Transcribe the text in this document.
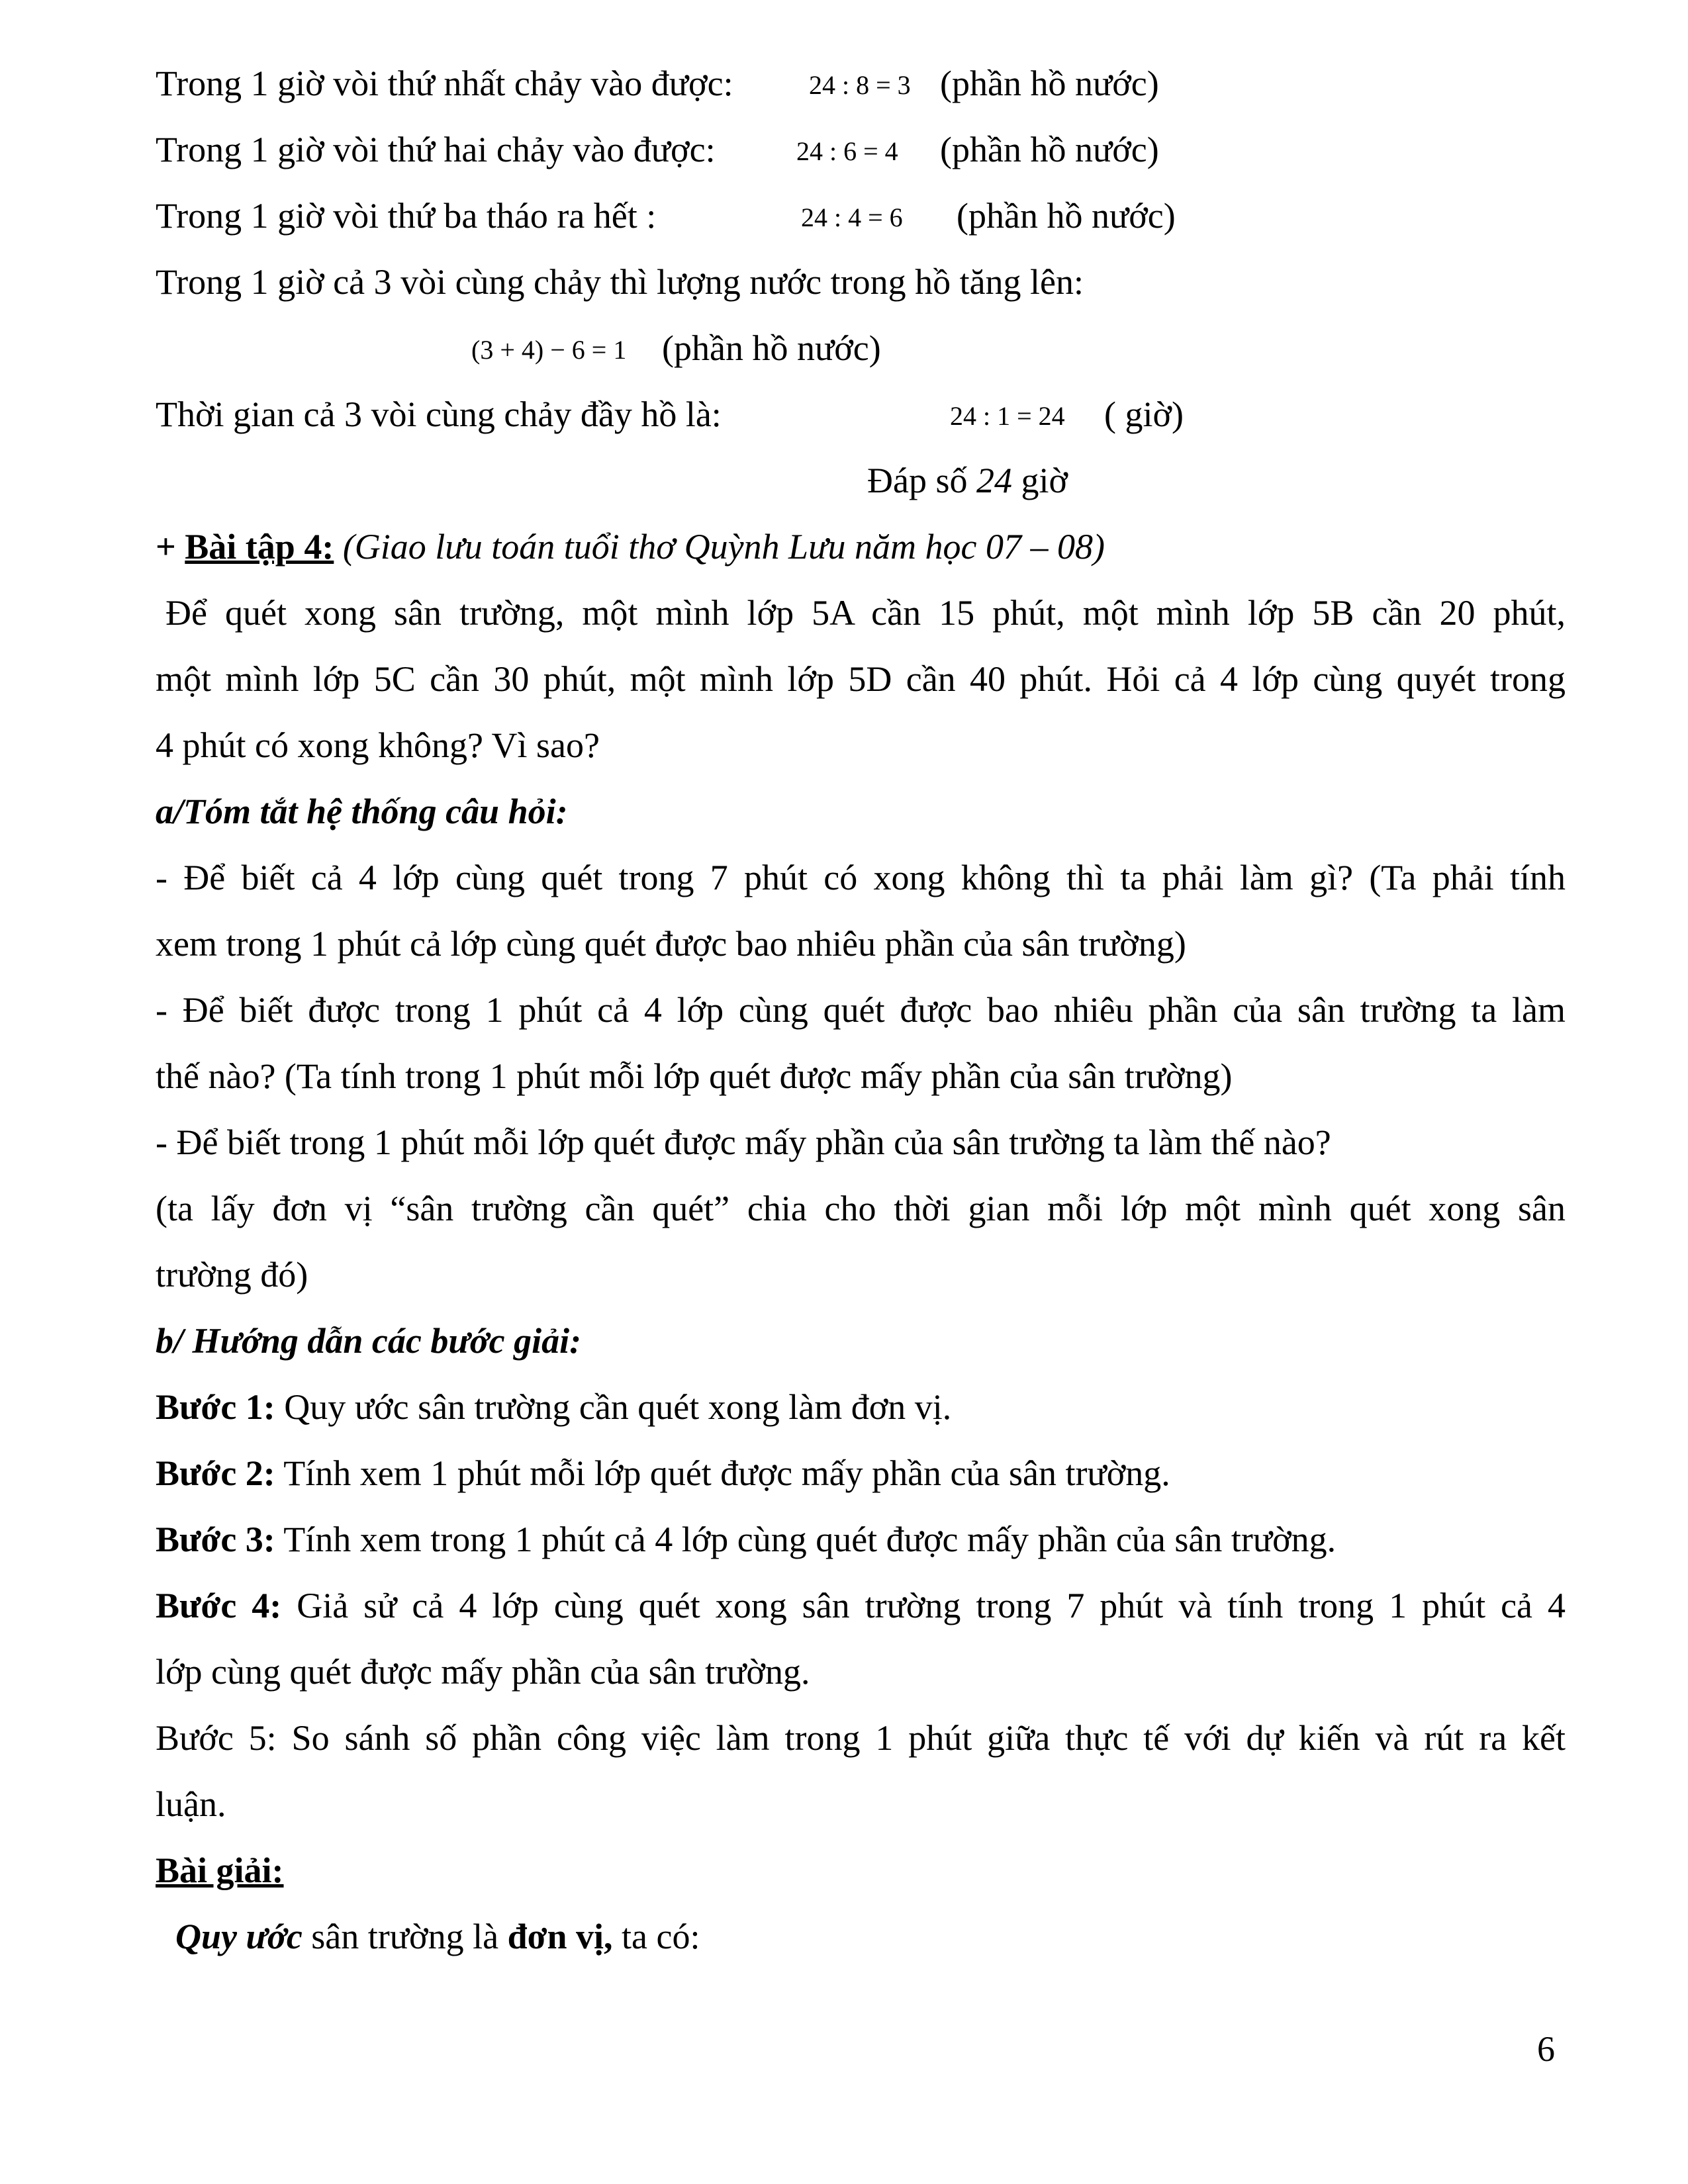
Trong 1 giờ vòi thứ nhất chảy vào được:	24 : 8 = 3 (phần hồ nước)
Trong 1 giờ vòi thứ hai chảy vào được:	24 : 6 = 4 (phần hồ nước)
Trong 1 giờ vòi thứ ba tháo ra hết :	24 : 4 = 6 (phần hồ nước)
Trong 1 giờ cả 3 vòi cùng chảy thì lượng nước trong hồ tăng lên:
(3 + 4) − 6 = 1 (phần hồ nước)
Thời gian cả 3 vòi cùng chảy đầy hồ là:	24 : 1 = 24 ( giờ)
Đáp số 24 giờ
+ Bài tập 4: (Giao lưu toán tuổi thơ Quỳnh Lưu năm học 07 – 08)
Để quét xong sân trường, một mình lớp 5A cần 15 phút, một mình lớp 5B cần 20 phút,
một mình lớp 5C cần 30 phút, một mình lớp 5D cần 40 phút. Hỏi cả 4 lớp cùng quyét trong
4 phút có xong không? Vì sao?
a/Tóm tắt hệ thống câu hỏi:
- Để biết cả 4 lớp cùng quét trong 7 phút có xong không thì ta phải làm gì? (Ta phải tính
xem trong 1 phút cả lớp cùng quét được bao nhiêu phần của sân trường)
- Để biết được trong 1 phút cả 4 lớp cùng quét được bao nhiêu phần của sân trường ta làm
thế nào? (Ta tính trong 1 phút mỗi lớp quét được mấy phần của sân trường)
- Để biết trong 1 phút mỗi lớp quét được mấy phần của sân trường ta làm thế nào?
(ta lấy đơn vị “sân trường cần quét” chia cho thời gian mỗi lớp một mình quét xong sân
trường đó)
b/ Hướng dẫn các bước giải:
Bước 1: Quy ước sân trường cần quét xong làm đơn vị.
Bước 2: Tính xem 1 phút mỗi lớp quét được mấy phần của sân trường.
Bước 3: Tính xem trong 1 phút cả 4 lớp cùng quét được mấy phần của sân trường.
Bước 4: Giả sử cả 4 lớp cùng quét xong sân trường trong 7 phút và tính trong 1 phút cả 4
lớp cùng quét được mấy phần của sân trường.
Bước 5: So sánh số phần công việc làm trong 1 phút giữa thực tế với dự kiến và rút ra kết
luận.
Bài giải:
Quy ước sân trường là đơn vị, ta có:
6
